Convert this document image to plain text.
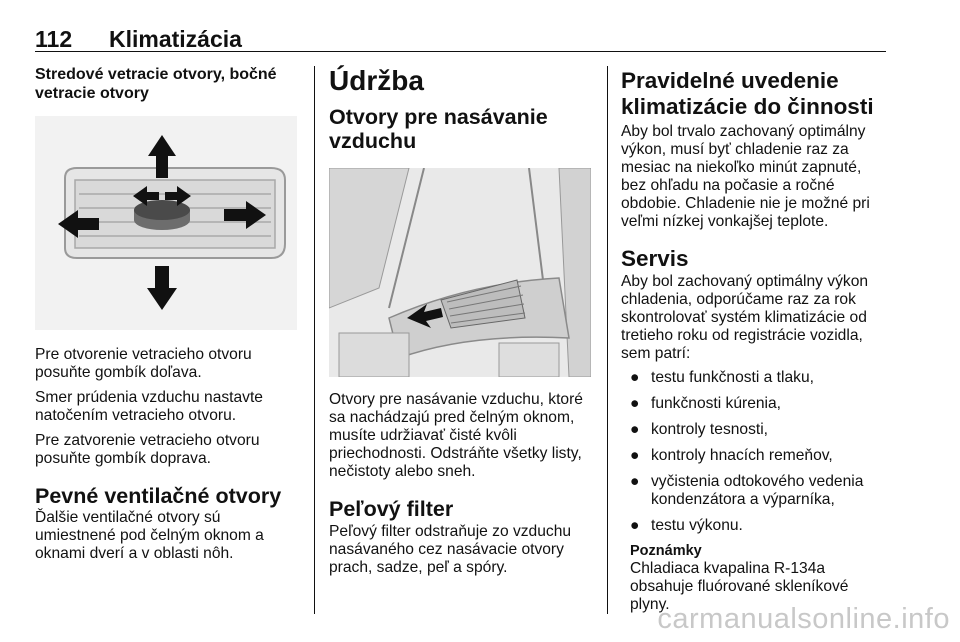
112 Klimatizácia
Stredové vetracie otvory, bočné vetracie otvory

Pre otvorenie vetracieho otvoru posuňte gombík doľava.

Smer prúdenia vzduchu nastavte natočením vetracieho otvoru.

Pre zatvorenie vetracieho otvoru posuňte gombík doprava.

Pevné ventilačné otvory

Ďalšie ventilačné otvory sú umiestnené pod čelným oknom a oknami dverí a v oblasti nôh.

Údržba
Otvory pre nasávanie vzduchu

Otvory pre nasávanie vzduchu, ktoré sa nachádzajú pred čelným oknom, musíte udržiavať čisté kvôli priechodnosti. Odstráňte všetky listy, nečistoty alebo sneh.

Peľový filter

Peľový filter odstraňuje zo vzduchu nasávaného cez nasávacie otvory prach, sadze, peľ a spóry.

Pravidelné uvedenie klimatizácie do činnosti

Aby bol trvalo zachovaný optimálny výkon, musí byť chladenie raz za mesiac na niekoľko minút zapnuté, bez ohľadu na počasie a ročné obdobie. Chladenie nie je možné pri veľmi nízkej vonkajšej teplote.

Servis

Aby bol zachovaný optimálny výkon chladenia, odporúčame raz za rok skontrolovať systém klimatizácie od tretieho roku od registrácie vozidla, sem patrí:

● testu funkčnosti a tlaku,
● funkčnosti kúrenia,
● kontroly tesnosti,
● kontroly hnacích remeňov,
● vyčistenia odtokového vedenia kondenzátora a výparníka,
● testu výkonu.

Poznámky

Chladiaca kvapalina R-134a obsahuje fluórované skleníkové plyny.

carmanualsonline.info
